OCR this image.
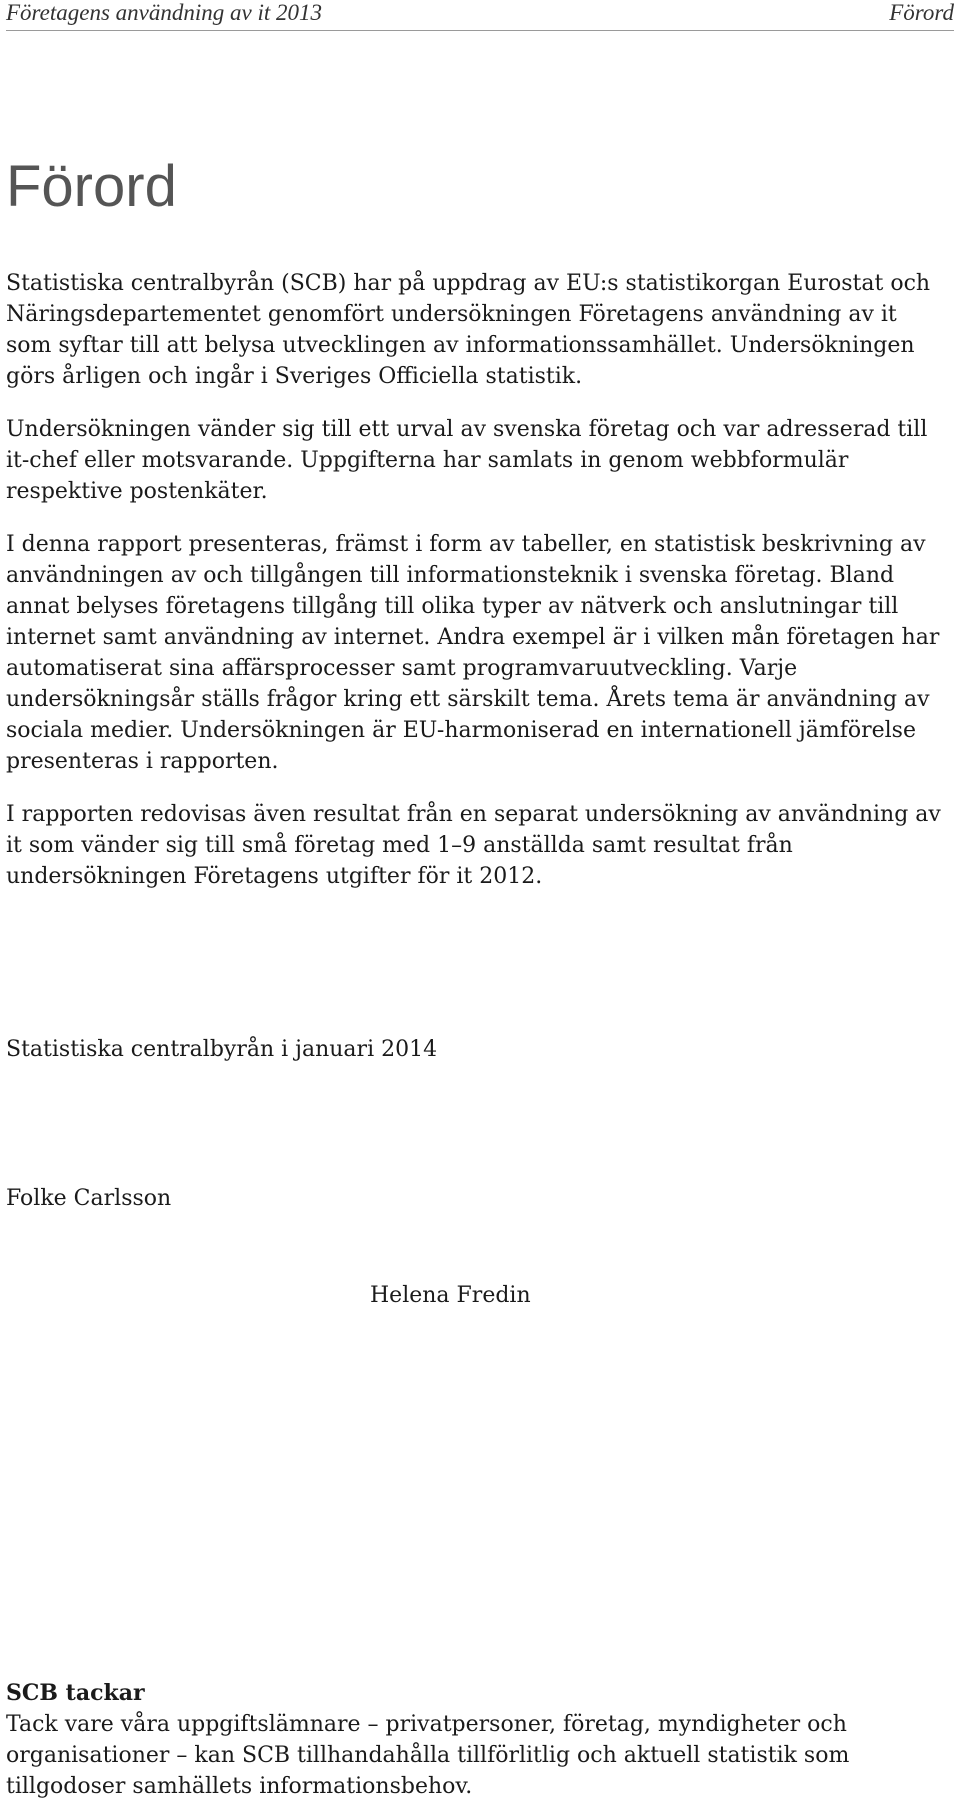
Företagens användning av it 2013	Förord
Förord

Statistiska centralbyrån (SCB) har på uppdrag av EU:s statistikorgan Eurostat och Näringsdepartementet genomfört undersökningen Företagens användning av it som syftar till att belysa utvecklingen av informationssamhället. Undersökningen görs årligen och ingår i Sveriges Officiella statistik.

Undersökningen vänder sig till ett urval av svenska företag och var adresserad till it-chef eller motsvarande. Uppgifterna har samlats in genom webbformulär respektive postenkäter.

I denna rapport presenteras, främst i form av tabeller, en statistisk beskrivning av användningen av och tillgången till informationsteknik i svenska företag. Bland annat belyses företagens tillgång till olika typer av nätverk och anslutningar till internet samt användning av internet. Andra exempel är i vilken mån företagen har automatiserat sina affärsprocesser samt programvaruutveckling. Varje undersökningsår ställs frågor kring ett särskilt tema. Årets tema är användning av sociala medier. Undersökningen är EU-harmoniserad en internationell jämförelse presenteras i rapporten.

I rapporten redovisas även resultat från en separat undersökning av användning av it som vänder sig till små företag med 1–9 anställda samt resultat från undersökningen Företagens utgifter för it 2012.

Statistiska centralbyrån i januari 2014
Folke Carlsson
Helena Fredin
SCB tackar
Tack vare våra uppgiftslämnare – privatpersoner, företag, myndigheter och organisationer – kan SCB tillhandahålla tillförlitlig och aktuell statistik som tillgodoser samhällets informationsbehov.
